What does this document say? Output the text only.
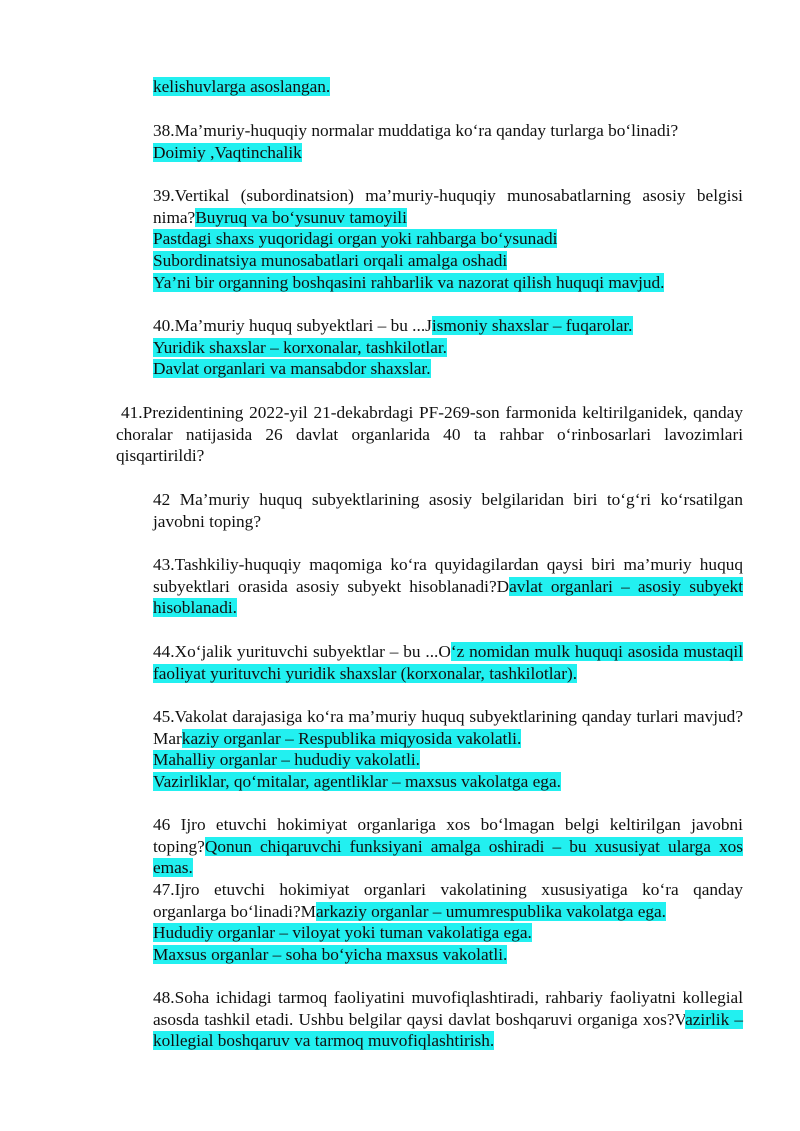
kelishuvlarga asoslangan.
38.Ma’muriy-huquqiy normalar muddatiga ko‘ra qanday turlarga bo‘linadi?
Doimiy ,Vaqtinchalik
39.Vertikal (subordinatsion) ma’muriy-huquqiy munosabatlarning asosiy belgisi nima?Buyruq va bo‘ysunuv tamoyili
Pastdagi shaxs yuqoridagi organ yoki rahbarga bo‘ysunadi
Subordinatsiya munosabatlari orqali amalga oshadi
Ya’ni bir organning boshqasini rahbarlik va nazorat qilish huquqi mavjud.
40.Ma’muriy huquq subyektlari – bu ...Jismoniy shaxslar – fuqarolar.
Yuridik shaxslar – korxonalar, tashkilotlar.
Davlat organlari va mansabdor shaxslar.
41.Prezidentining 2022-yil 21-dekabrdagi PF-269-son farmonida keltirilganidek, qanday choralar natijasida 26 davlat organlarida 40 ta rahbar o‘rinbosarlari lavozimlari qisqartirildi?
42 Ma’muriy huquq subyektlarining asosiy belgilaridan biri to‘g‘ri ko‘rsatilgan javobni toping?
43.Tashkiliy-huquqiy maqomiga ko‘ra quyidagilardan qaysi biri ma’muriy huquq subyektlari orasida asosiy subyekt hisoblanadi?Davlat organlari – asosiy subyekt hisoblanadi.
44.Xo‘jalik yurituvchi subyektlar – bu ...O‘z nomidan mulk huquqi asosida mustaqil faoliyat yurituvchi yuridik shaxslar (korxonalar, tashkilotlar).
45.Vakolat darajasiga ko‘ra ma’muriy huquq subyektlarining qanday turlari mavjud?Markaziy organlar – Respublika miqyosida vakolatli.
Mahalliy organlar – hududiy vakolatli.
Vazirliklar, qo‘mitalar, agentliklar – maxsus vakolatga ega.
46 Ijro etuvchi hokimiyat organlariga xos bo‘lmagan belgi keltirilgan javobni toping?Qonun chiqaruvchi funksiyani amalga oshiradi – bu xususiyat ularga xos emas.
47.Ijro etuvchi hokimiyat organlari vakolatining xususiyatiga ko‘ra qanday organlarga bo‘linadi?Markaziy organlar – umumrespublika vakolatga ega.
Hududiy organlar – viloyat yoki tuman vakolatiga ega.
Maxsus organlar – soha bo‘yicha maxsus vakolatli.
48.Soha ichidagi tarmoq faoliyatini muvofiqlashtiradi, rahbariy faoliyatni kollegial asosda tashkil etadi. Ushbu belgilar qaysi davlat boshqaruvi organiga xos?Vazirlik – kollegial boshqaruv va tarmoq muvofiqlashtirish.
